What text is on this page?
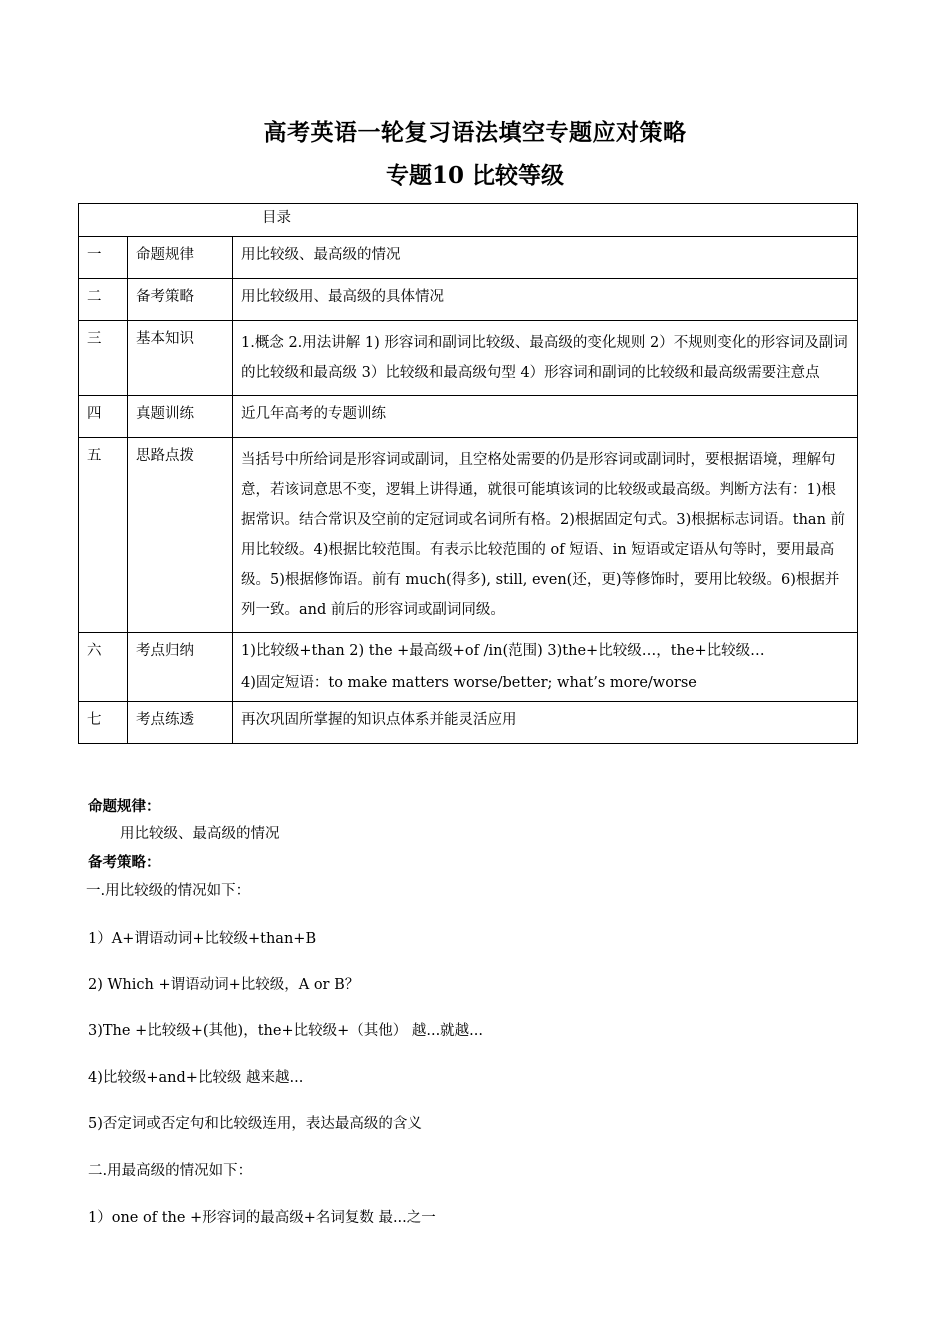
高考英语一轮复习语法填空专题应对策略
专题10 比较等级
目录		
一	命题规律	用比较级、最高级的情况
二	备考策略	用比较级用、最高级的具体情况
三	基本知识	1.概念 2.用法讲解 1) 形容词和副词比较级、最高级的变化规则 2）不规则变化的形容词及副词的比较级和最高级 3）比较级和最高级句型 4）形容词和副词的比较级和最高级需要注意点
四	真题训练	近几年高考的专题训练
五	思路点拨	当括号中所给词是形容词或副词，且空格处需要的仍是形容词或副词时，要根据语境，理解句意，若该词意思不变，逻辑上讲得通，就很可能填该词的比较级或最高级。判断方法有：1)根据常识。结合常识及空前的定冠词或名词所有格。2)根据固定句式。3)根据标志词语。than 前用比较级。4)根据比较范围。有表示比较范围的 of 短语、in 短语或定语从句等时，要用最高级。5)根据修饰语。前有 much(得多), still, even(还，更)等修饰时，要用比较级。6)根据并列一致。and 前后的形容词或副词同级。
六	考点归纳	1)比较级+than 2) the +最高级+of /in(范围) 3)the+比较级…，the+比较级…
4)固定短语：to make matters worse/better; what’s more/worse

七	考点练透	再次巩固所掌握的知识点体系并能灵活应用
命题规律：
用比较级、最高级的情况
备考策略：
一.用比较级的情况如下：
1）A+谓语动词+比较级+than+B
2) Which +谓语动词+比较级，A or B？
3)The +比较级+(其他)，the+比较级+（其他） 越...就越...
4)比较级+and+比较级 越来越...
5)否定词或否定句和比较级连用，表达最高级的含义
二.用最高级的情况如下：
1）one of the +形容词的最高级+名词复数 最...之一
